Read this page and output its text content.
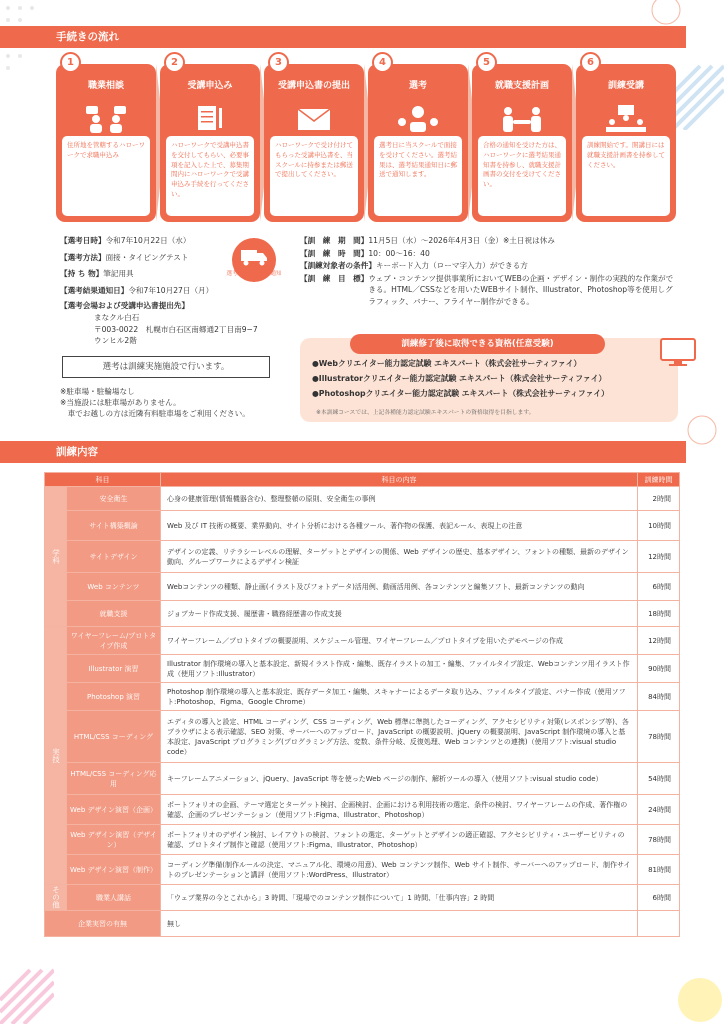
手続きの流れ
1
職業相談
住所地を管轄するハローワークで求職申込み
2
受講申込み
ハローワークで受講申込書を交付してもらい、必要事項を記入した上で、募集期間内にハローワークで受講申込み手続を行ってください。
3
受講申込書の提出
ハローワークで受け付けてもらった受講申込書を、当スクールに持参または郵送で提出してください。
4
選考
選考日に当スクールで面接を受けてください。選考結果は、選考結果通知日に郵送で通知します。
5
就職支援計画
合格の通知を受けた方は、ハローワークに選考結果通知書を持参し、就職支援計画書の交付を受けてください。
6
訓練受講
訓練開始です。開講日には就職支援計画書を持参してください。
【選考日時】令和7年10月22日（水）
【選考方法】面接・タイピングテスト
【持 ち 物】筆記用具
【選考結果通知日】令和7年10月27日（月）
【選考会場および受講申込書提出先】
まなクル白石
〒003-0022　札幌市白石区南郷通2丁目南9−7
ウンヒル2階
選考は訓練実施施設で行います。
※駐車場・駐輪場なし
※当施設には駐車場がありません。
　車でお越しの方は近隣有料駐車場をご利用ください。
選考結果は郵送で通知
【訓　練　期　間】11月5日（水）～2026年4月3日（金）※土日祝は休み
【訓　練　時　間】10：00～16：40
【訓練対象者の条件】キーボード入力（ローマ字入力）ができる方
【訓　練　目　標】 ウェブ・コンテンツ提供事業所においてWEBの企画・デザイン・制作の実践的な作業ができる。HTML／CSSなどを用いたWEBサイト制作、Illustrator、Photoshop等を使用しグラフィック、バナー、フライヤー制作ができる。
訓練修了後に取得できる資格(任意受験)
●Webクリエイター能力認定試験 エキスパート（株式会社サーティファイ）
●Illustratorクリエイター能力認定試験 エキスパート（株式会社サーティファイ）
●Photoshopクリエイター能力認定試験 エキスパート（株式会社サーティファイ）
※本訓練コースでは、上記各種能力認定試験エキスパートの資格取得を目指します。
訓練内容
科目		科目の内容	訓練時間
学科	安全衛生	心身の健康管理(情報機器含む)、整理整頓の原則、安全衛生の事例	2時間
	サイト構築概論	Web 及び IT 技術の概要、業界動向、サイト分析における各種ツール、著作物の保護、表記ルール、表現上の注意	10時間
	サイトデザイン	デザインの定義、リテラシーレベルの理解、ターゲットとデザインの関係、Web デザインの歴史、基本デザイン、フォントの種類、最新のデザイン動向、グループワークによるデザイン検証	12時間
	Web コンテンツ	Webコンテンツの種類、静止画(イラスト及びフォトデータ)活用例、動画活用例、各コンテンツと編集ソフト、最新コンテンツの動向	6時間
	就職支援	ジョブカード作成支援、履歴書・職務経歴書の作成支援	18時間
実技	ワイヤーフレーム/プロトタイプ作成	ワイヤーフレーム／プロトタイプの概要説明、スケジュール管理、ワイヤーフレーム／プロトタイプを用いたデモページの作成	12時間
	Illustrator 演習	Illustrator 制作環境の導入と基本設定、新規イラスト作成・編集、既存イラストの加工・編集、ファイルタイプ設定、Webコンテンツ用イラスト作成（使用ソフト:Illustrator）	90時間
	Photoshop 演習	Photoshop 制作環境の導入と基本設定、既存データ加工・編集、スキャナーによるデータ取り込み、ファイルタイプ設定、バナー作成（使用ソフト:Photoshop、Figma、Google Chrome）	84時間
	HTML/CSS コーディング	エディタの導入と設定、HTML コーディング、CSS コーディング、Web 標準に準拠したコーディング、アクセシビリティ対策(レスポンシブ等)、各ブラウザによる表示確認、SEO 対策、サーバーへのアップロード、JavaScript の概要説明、jQuery の概要説明、JavaScript 制作環境の導入と基本設定、JavaScript プログラミング(プログラミング方法、変数、条件分岐、反復処理、Web コンテンツとの連携)（使用ソフト:visual studio code）	78時間
	HTML/CSS コーディング応用	キーフレームアニメーション、jQuery、JavaScript 等を使ったWeb ページの制作、解析ツールの導入（使用ソフト:visual studio code）	54時間
	Web デザイン演習（企画）	ポートフォリオの企画、テーマ選定とターゲット検討、企画検討、企画における利用技術の選定、条件の検討、ワイヤーフレームの作成、著作権の確認、企画のプレゼンテーション（使用ソフト:Figma、Illustrator、Photoshop）	24時間
	Web デザイン演習（デザイン）	ポートフォリオのデザイン検討、レイアウトの検討、フォントの選定、ターゲットとデザインの適正確認、アクセシビリティ・ユーザービリティの確認、プロトタイプ制作と確認（使用ソフト:Figma、Illustrator、Photoshop）	78時間
	Web デザイン演習（制作）	コーディング準備(制作ルールの決定、マニュアル化、環境の用意)、Web コンテンツ制作、Web サイト制作、サーバーへのアップロード、制作サイトのプレゼンテーションと講評（使用ソフト:WordPress、Illustrator）	81時間
その他	職業人講話	「ウェブ業界の今とこれから」3 時間、「現場でのコンテンツ制作について」1 時間、「仕事内容」2 時間	6時間
企業実習の有無		無し	
